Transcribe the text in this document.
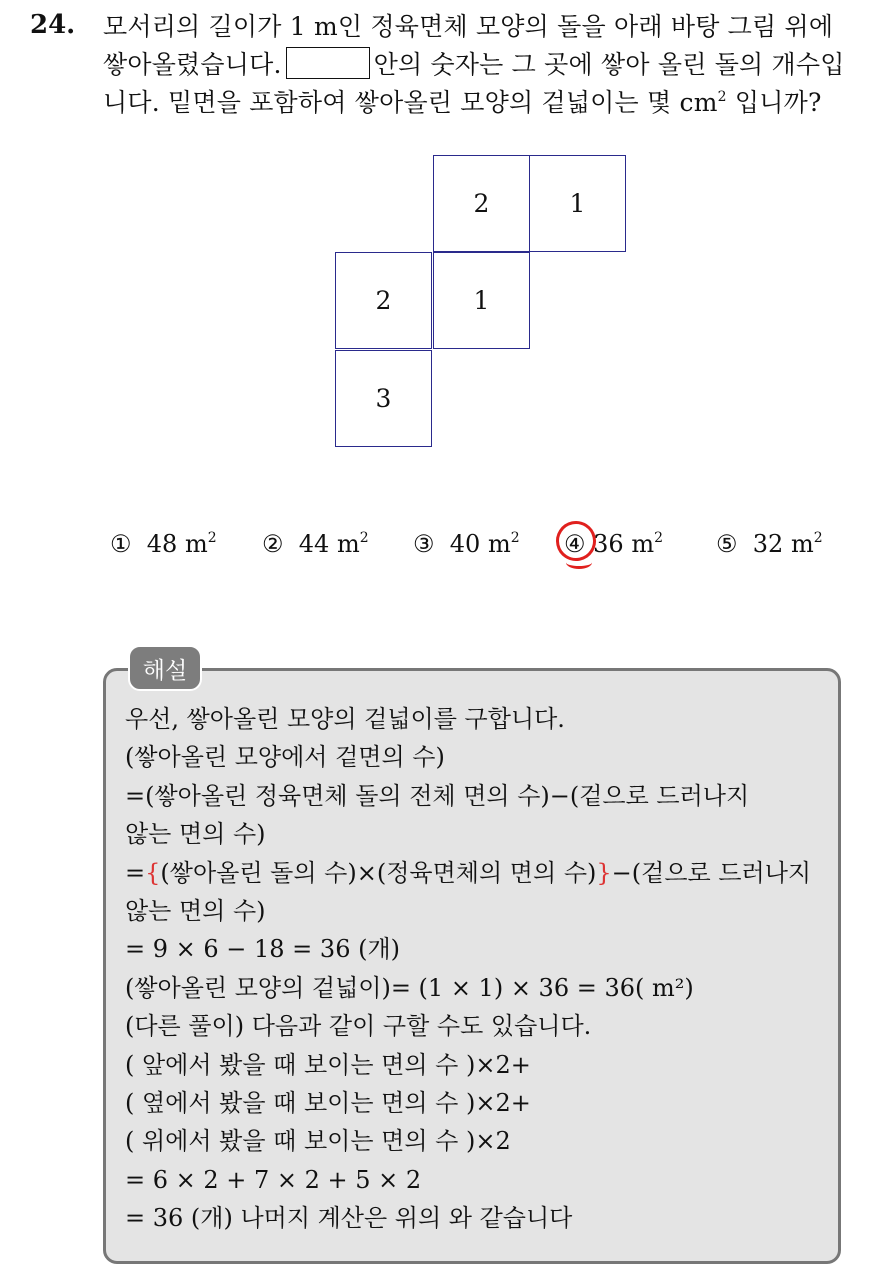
24. 모서리의 길이가 1 m인 정육면체 모양의 돌을 아래 바탕 그림 위에
쌓아올렸습니다.	안의 숫자는 그 곳에 쌓아 올린 돌의 개수입
니다. 밑면을 포함하여 쌓아올린 모양의 겉넓이는 몇 $cm^2$ 입니까?
2	1
2	1
3
① 48 $m^2$ ② 44 $m^2$ ③ 40 $m^2$ ④ 36 $m^2$ ⑤ 32 $m^2$
해설
우선, 쌓아올린 모양의 겉넓이를 구합니다.
(쌓아올린 모양에서 겉면의 수)
=(쌓아올린 정육면체 돌의 전체 면의 수)−(겉으로 드러나지
않는 면의 수)
={(쌓아올린 돌의 수)×(정육면체의 면의 수)}−(겉으로 드러나지
않는 면의 수)
= 9 × 6 − 18 = 36 (개)
(쌓아올린 모양의 겉넓이)= (1 × 1) × 36 = 36( m²)
(다른 풀이) 다음과 같이 구할 수도 있습니다.
( 앞에서 봤을 때 보이는 면의 수 )×2+
( 옆에서 봤을 때 보이는 면의 수 )×2+
( 위에서 봤을 때 보이는 면의 수 )×2
= 6 × 2 + 7 × 2 + 5 × 2
= 36 (개) 나머지 계산은 위의 와 같습니다
